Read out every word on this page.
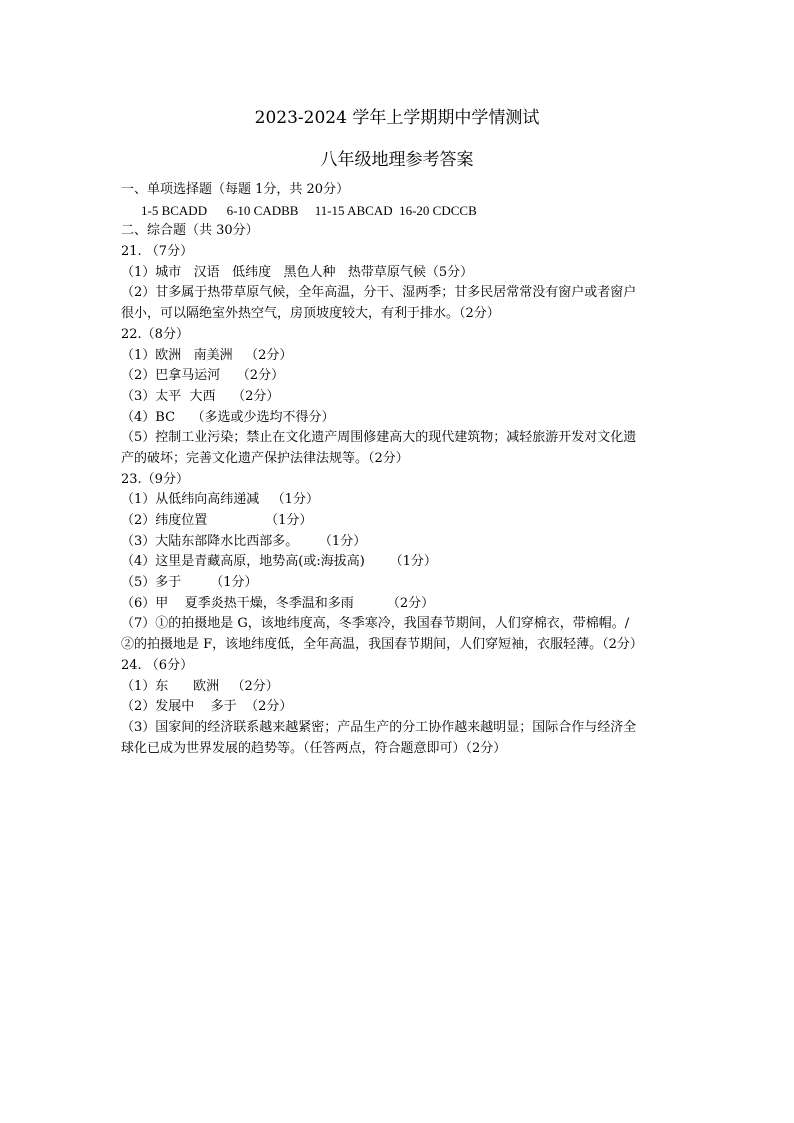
2023-2024 学年上学期期中学情测试
八年级地理参考答案
一、单项选择题（每题 1分，共 20分）
1-5 BCADD      6-10 CADBB     11-15 ABCAD  16-20 CDCCB
二、综合题（共 30分）
21. （7分）
（1）城市   汉语   低纬度   黑色人种   热带草原气候（5分）
（2）甘多属于热带草原气候，全年高温，分干、湿两季；甘多民居常常没有窗户或者窗户
很小，可以隔绝室外热空气，房顶坡度较大，有利于排水。（2分）
22.（8分）
（1）欧洲   南美洲   （2分）
（2）巴拿马运河    （2分）
（3）太平  大西    （2分）
（4）BC    （多选或少选均不得分）
（5）控制工业污染；禁止在文化遗产周围修建高大的现代建筑物；减轻旅游开发对文化遗
产的破坏；完善文化遗产保护法律法规等。（2分）
23.（9分）
（1）从低纬向高纬递减   （1分）
（2）纬度位置              （1分）
（3）大陆东部降水比西部多。     （1分）
（4）这里是青藏高原，地势高(或:海拔高)      （1分）
（5）多于       （1分）
（6）甲    夏季炎热干燥，冬季温和多雨        （2分）
（7）①的拍摄地是 G，该地纬度高，冬季寒冷，我国春节期间，人们穿棉衣，带棉帽。/
②的拍摄地是 F，该地纬度低，全年高温，我国春节期间，人们穿短袖，衣服轻薄。（2分）
24. （6分）
（1）东      欧洲   （2分）
（2）发展中    多于  （2分）
（3）国家间的经济联系越来越紧密；产品生产的分工协作越来越明显；国际合作与经济全
球化已成为世界发展的趋势等。（任答两点，符合题意即可）（2分）
